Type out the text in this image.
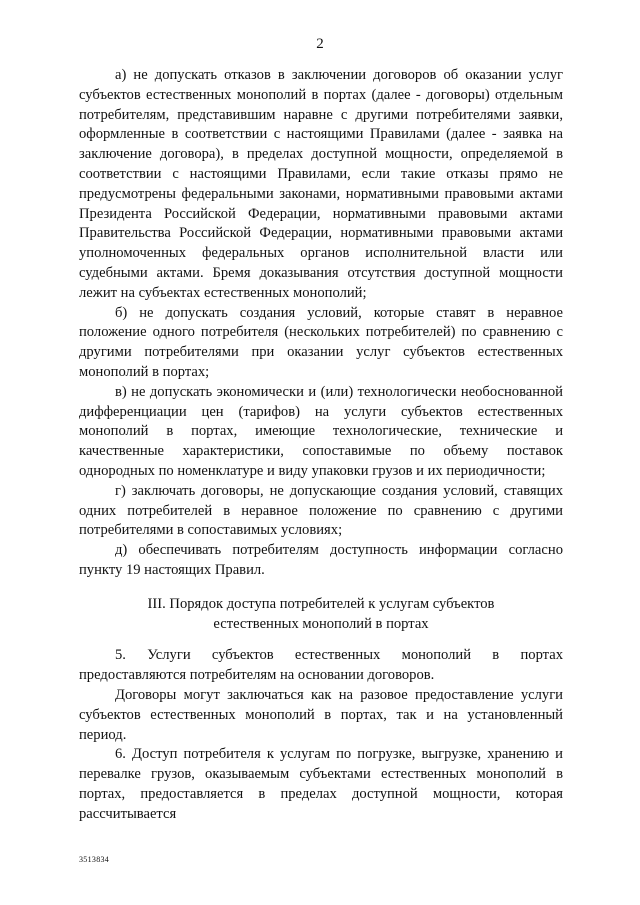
2

а) не допускать отказов в заключении договоров об оказании услуг субъектов естественных монополий в портах (далее - договоры) отдельным потребителям, представившим наравне с другими потребителями заявки, оформленные в соответствии с настоящими Правилами (далее - заявка на заключение договора), в пределах доступной мощности, определяемой в соответствии с настоящими Правилами, если такие отказы прямо не предусмотрены федеральными законами, нормативными правовыми актами Президента Российской Федерации, нормативными правовыми актами Правительства Российской Федерации, нормативными правовыми актами уполномоченных федеральных органов исполнительной власти или судебными актами. Бремя доказывания отсутствия доступной мощности лежит на субъектах естественных монополий;

б) не допускать создания условий, которые ставят в неравное положение одного потребителя (нескольких потребителей) по сравнению с другими потребителями при оказании услуг субъектов естественных монополий в портах;

в) не допускать экономически и (или) технологически необоснованной дифференциации цен (тарифов) на услуги субъектов естественных монополий в портах, имеющие технологические, технические и качественные характеристики, сопоставимые по объему поставок однородных по номенклатуре и виду упаковки грузов и их периодичности;

г) заключать договоры, не допускающие создания условий, ставящих одних потребителей в неравное положение по сравнению с другими потребителями в сопоставимых условиях;

д) обеспечивать потребителям доступность информации согласно пункту 19 настоящих Правил.

III. Порядок доступа потребителей к услугам субъектов
естественных монополий в портах

5. Услуги субъектов естественных монополий в портах предоставляются потребителям на основании договоров.

Договоры могут заключаться как на разовое предоставление услуги субъектов естественных монополий в портах, так и на установленный период.

6. Доступ потребителя к услугам по погрузке, выгрузке, хранению и перевалке грузов, оказываемым субъектами естественных монополий в портах, предоставляется в пределах доступной мощности, которая рассчитывается

3513834
